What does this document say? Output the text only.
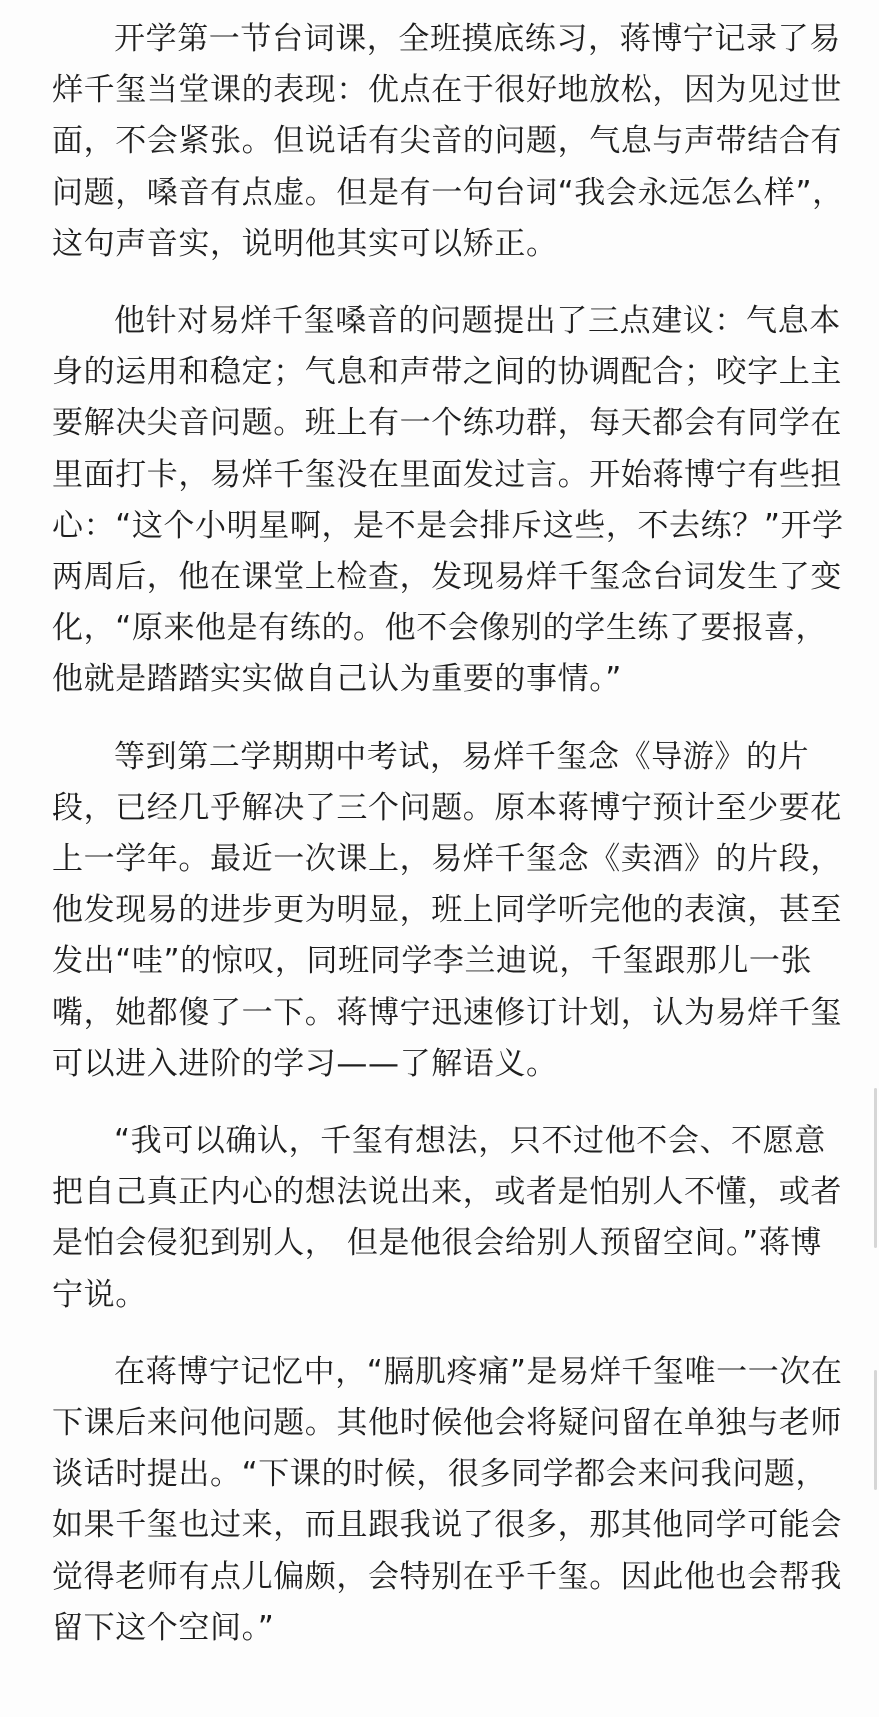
开学第一节台词课，全班摸底练习，蒋博宁记录了易烊千玺当堂课的表现：优点在于很好地放松，因为见过世面，不会紧张。但说话有尖音的问题，气息与声带结合有问题，嗓音有点虚。但是有一句台词“我会永远怎么样”，这句声音实，说明他其实可以矫正。

他针对易烊千玺嗓音的问题提出了三点建议：气息本身的运用和稳定；气息和声带之间的协调配合；咬字上主要解决尖音问题。班上有一个练功群，每天都会有同学在里面打卡，易烊千玺没在里面发过言。开始蒋博宁有些担心：“这个小明星啊，是不是会排斥这些，不去练？”开学两周后，他在课堂上检查，发现易烊千玺念台词发生了变化，“原来他是有练的。他不会像别的学生练了要报喜，他就是踏踏实实做自己认为重要的事情。”

等到第二学期期中考试，易烊千玺念《导游》的片段，已经几乎解决了三个问题。原本蒋博宁预计至少要花上一学年。最近一次课上，易烊千玺念《卖酒》的片段，他发现易的进步更为明显，班上同学听完他的表演，甚至发出“哇”的惊叹，同班同学李兰迪说，千玺跟那儿一张嘴，她都傻了一下。蒋博宁迅速修订计划，认为易烊千玺可以进入进阶的学习——了解语义。

“我可以确认，千玺有想法，只不过他不会、不愿意把自己真正内心的想法说出来，或者是怕别人不懂，或者是怕会侵犯到别人， 但是他很会给别人预留空间。”蒋博宁说。

在蒋博宁记忆中，“膈肌疼痛”是易烊千玺唯一一次在下课后来问他问题。其他时候他会将疑问留在单独与老师谈话时提出。“下课的时候，很多同学都会来问我问题，如果千玺也过来，而且跟我说了很多，那其他同学可能会觉得老师有点儿偏颇，会特别在乎千玺。因此他也会帮我留下这个空间。”
